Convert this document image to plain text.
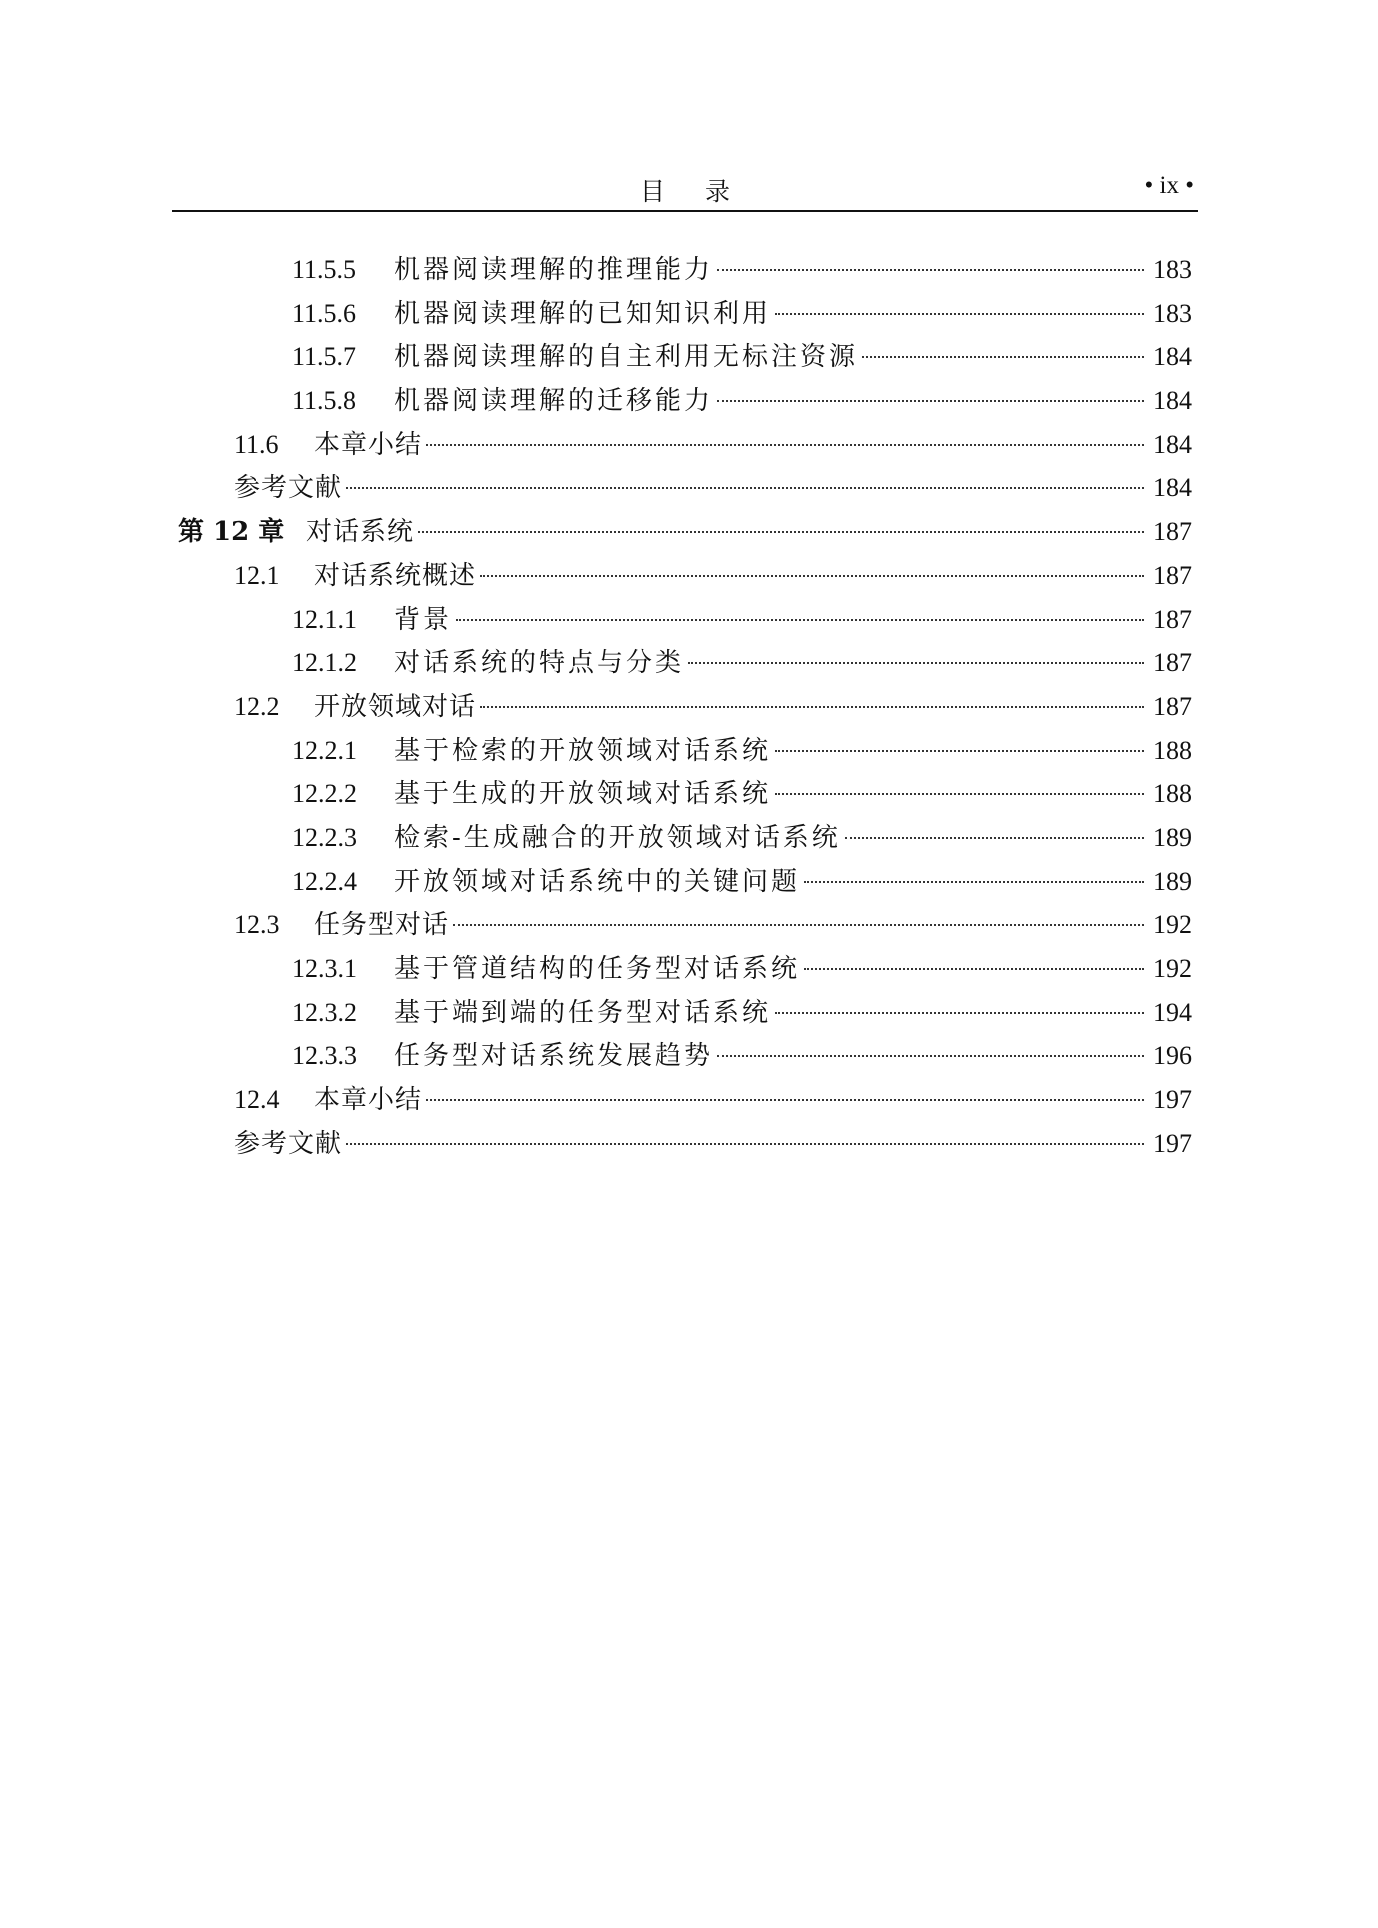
目录	• ix •
11.5.5	机器阅读理解的推理能力	183
11.5.6	机器阅读理解的已知知识利用	183
11.5.7	机器阅读理解的自主利用无标注资源	184
11.5.8	机器阅读理解的迁移能力	184
11.6	本章小结	184
参考文献	184
第 12 章 对话系统	187
12.1	对话系统概述	187
12.1.1	背景	187
12.1.2	对话系统的特点与分类	187
12.2	开放领域对话	187
12.2.1	基于检索的开放领域对话系统	188
12.2.2	基于生成的开放领域对话系统	188
12.2.3	检索-生成融合的开放领域对话系统	189
12.2.4	开放领域对话系统中的关键问题	189
12.3	任务型对话	192
12.3.1	基于管道结构的任务型对话系统	192
12.3.2	基于端到端的任务型对话系统	194
12.3.3	任务型对话系统发展趋势	196
12.4	本章小结	197
参考文献	197
